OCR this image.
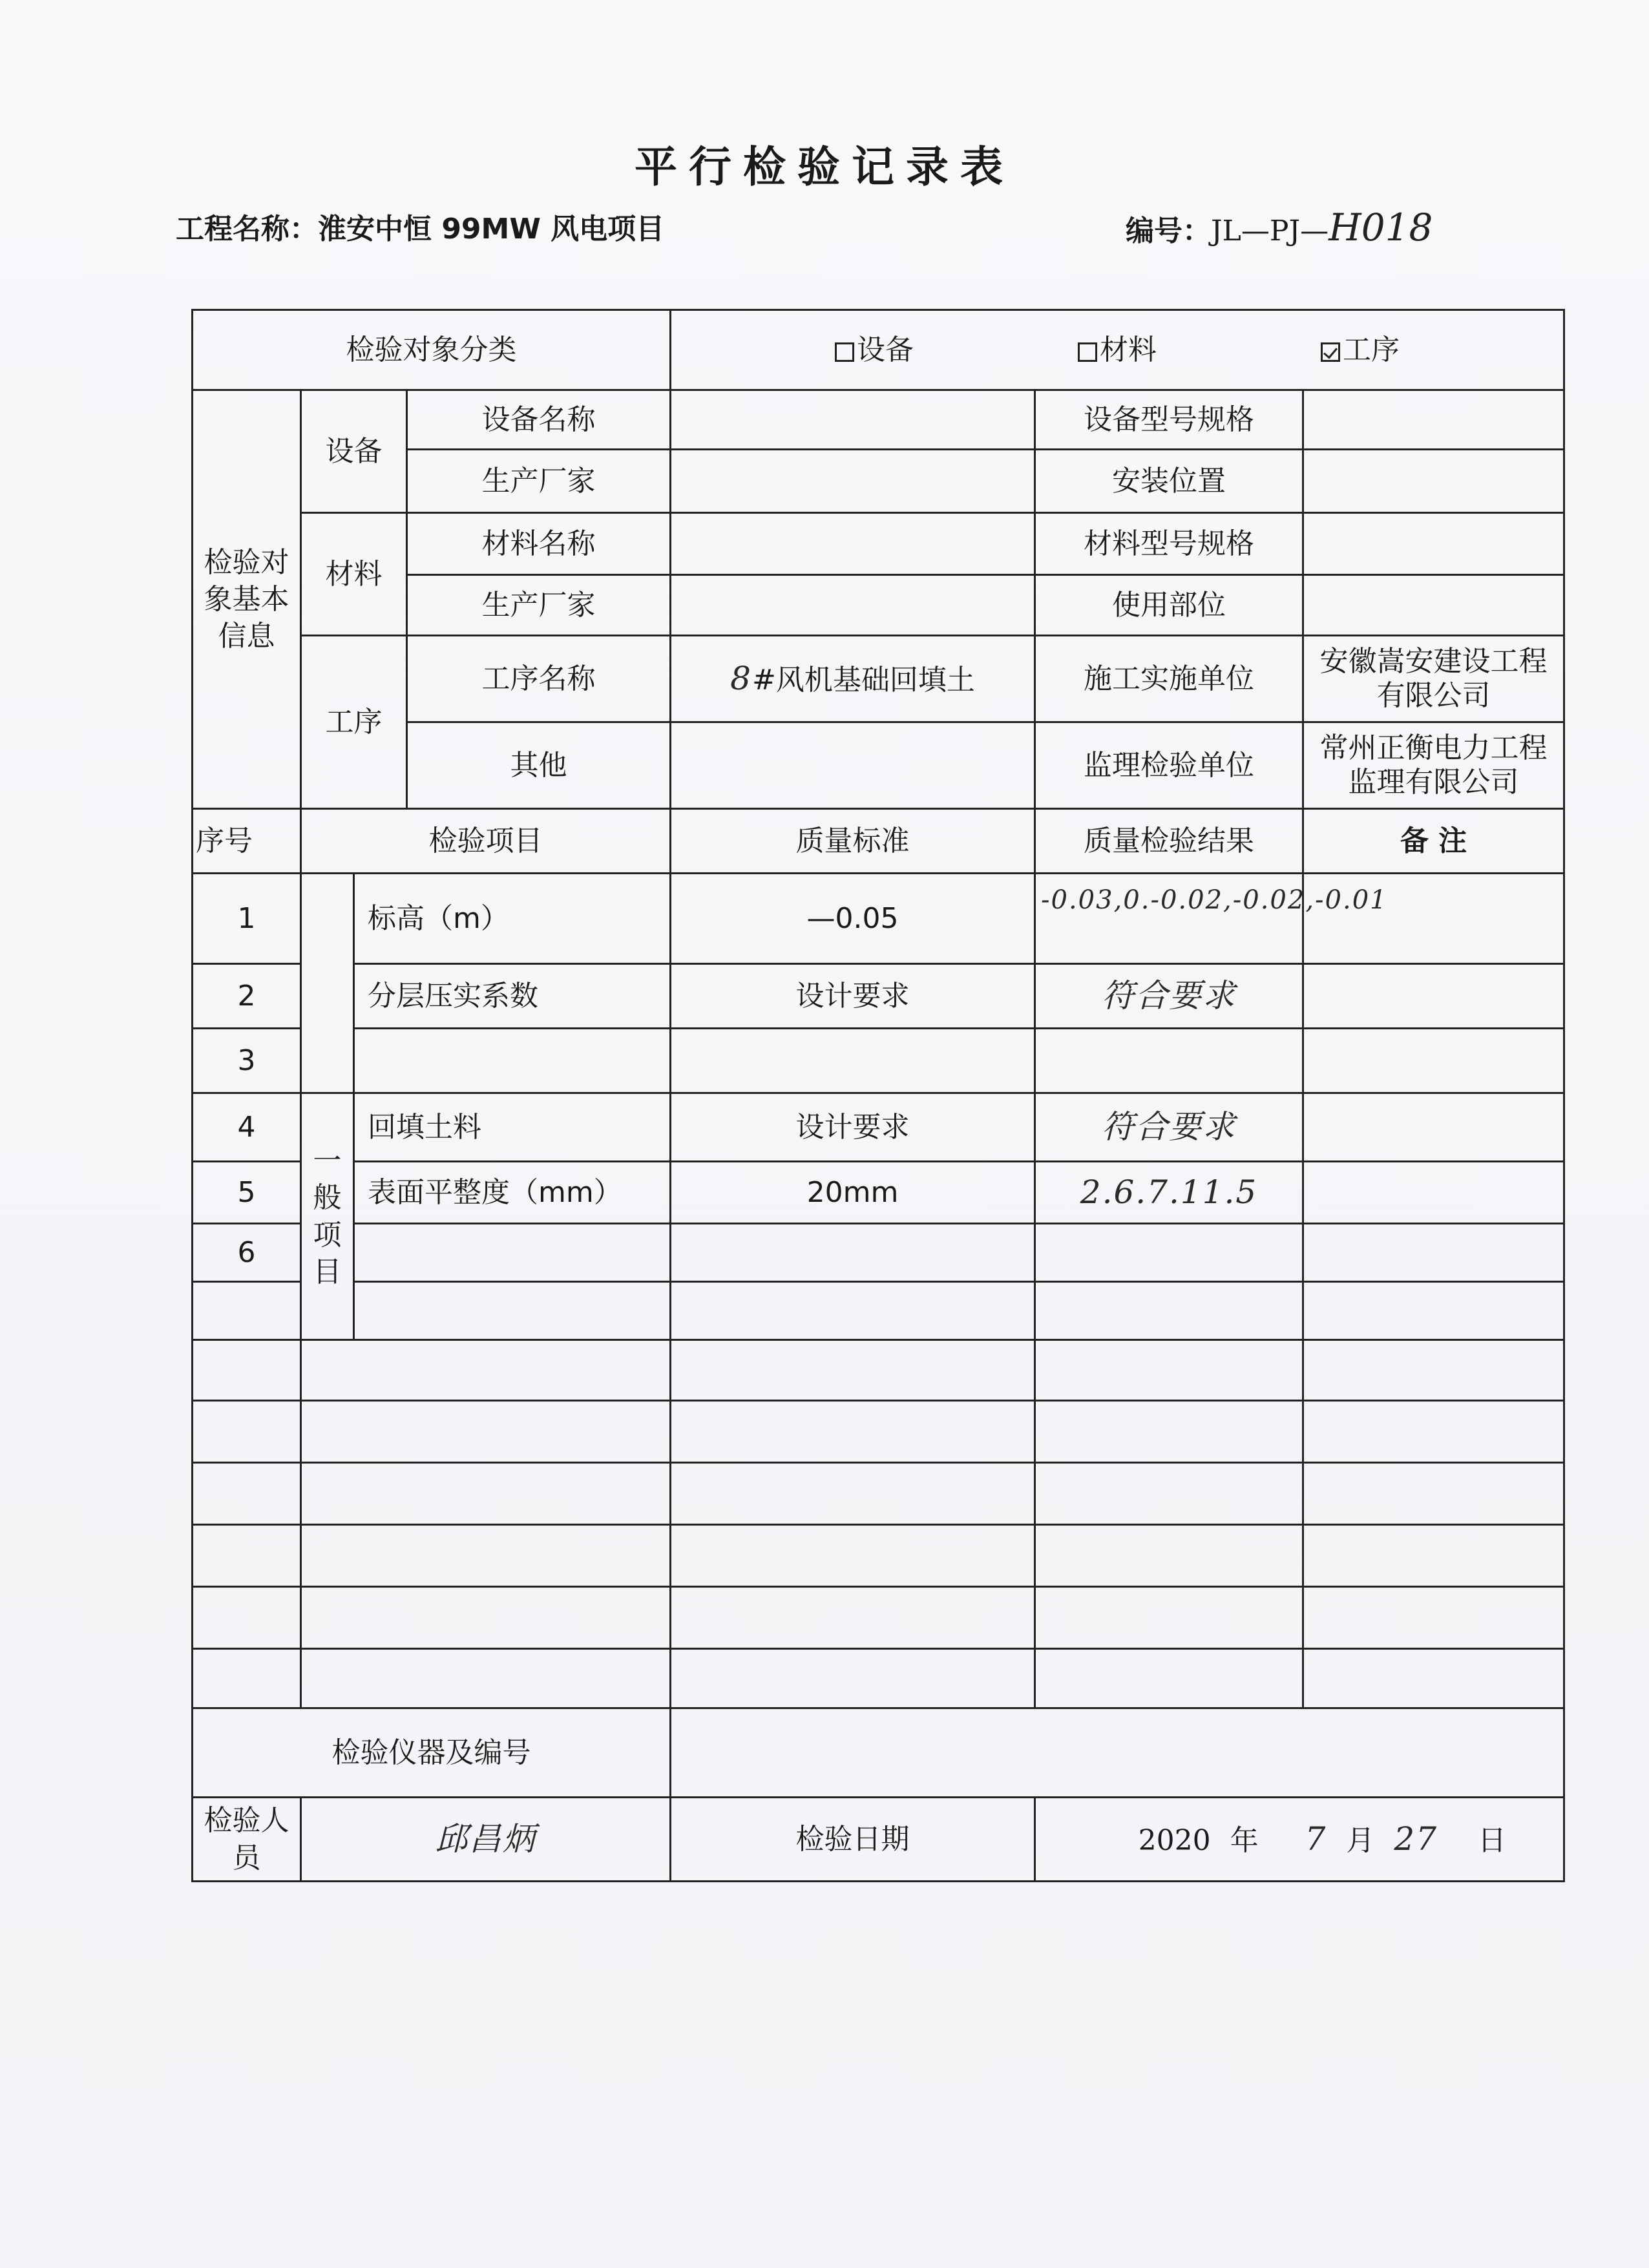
平行检验记录表
工程名称：淮安中恒 99MW 风电项目	编号：JL—PJ—H018
检验对象分类				设备 材料 工序		
检验对象基本信息	设备		设备名称		设备型号规格	
			生产厂家		安装位置	
	材料		材料名称		材料型号规格	
			生产厂家		使用部位	
	工序		工序名称	8#风机基础回填土	施工实施单位	安徽嵩安建设工程有限公司
			其他		监理检验单位	常州正衡电力工程监理有限公司
序号	检验项目			质量标准	质量检验结果	备 注
1		标高（m）		—0.05	-0.03,0.-0.02,-0.02,-0.01	
2		分层压实系数		设计要求	符合要求	
3						
4	一般项目	回填土料		设计要求	符合要求	
5		表面平整度（mm）		20mm	2.6.7.11.5	
6						

检验仪器及编号						
检验人员	邱昌炳			检验日期	2020 年 7 月 27 日	
